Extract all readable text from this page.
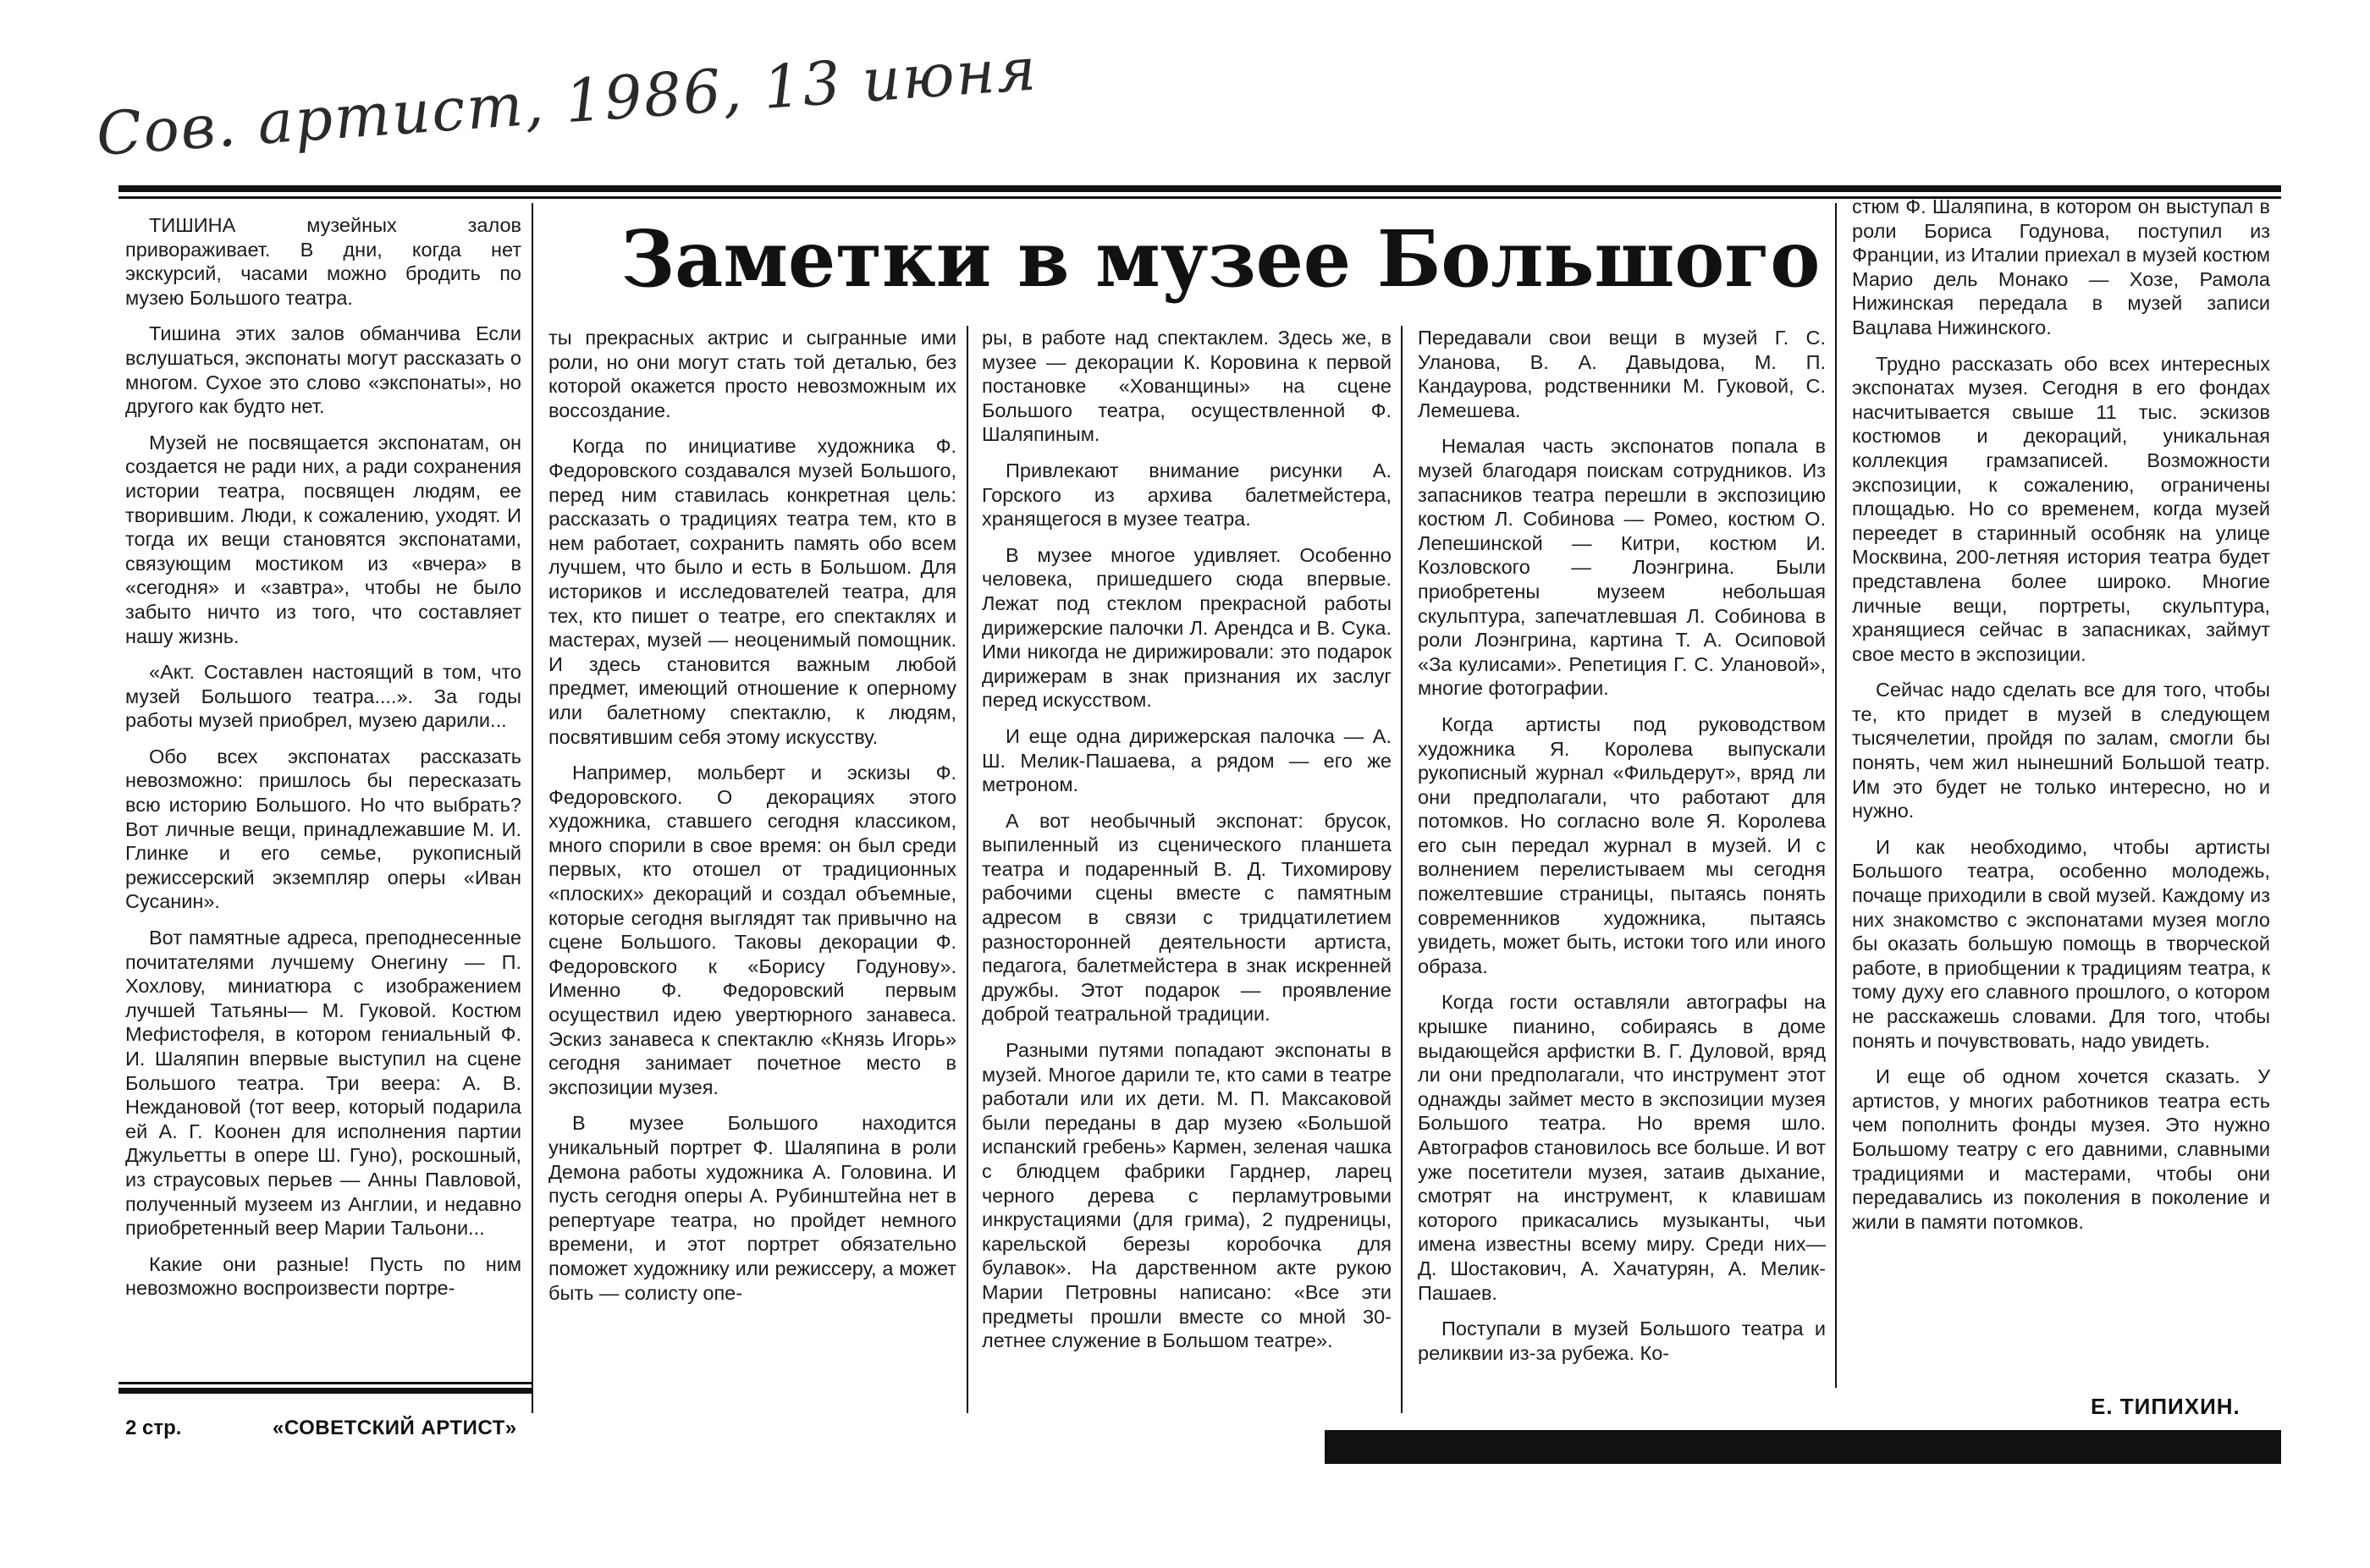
Сов. артист, 1986, 13 июня
Заметки в музее Большого

ТИШИНА музейных залов привораживает. В дни, когда нет экскурсий, часами можно бродить по музею Большого театра.

Тишина этих залов обманчива Если вслушаться, экспонаты могут рассказать о многом. Сухое это слово «экспонаты», но другого как будто нет.

Музей не посвящается экспонатам, он создается не ради них, а ради сохранения истории театра, посвящен людям, ее творившим. Люди, к сожалению, уходят. И тогда их вещи становятся экспонатами, связующим мостиком из «вчера» в «сегодня» и «завтра», чтобы не было забыто ничто из того, что составляет нашу жизнь.

«Акт. Составлен настоящий в том, что музей Большого театра....». За годы работы музей приобрел, музею дарили...

Обо всех экспонатах рассказать невозможно: пришлось бы пересказать всю историю Большого. Но что выбрать? Вот личные вещи, принадлежавшие М. И. Глинке и его семье, рукописный режиссерский экземпляр оперы «Иван Сусанин».

Вот памятные адреса, преподнесенные почитателями лучшему Онегину — П. Хохлову, миниатюра с изображением лучшей Татьяны— М. Гуковой. Костюм Мефистофеля, в котором гениальный Ф. И. Шаляпин впервые выступил на сцене Большого театра. Три веера: А. В. Неждановой (тот веер, который подарила ей А. Г. Коонен для исполнения партии Джульетты в опере Ш. Гуно), роскошный, из страусовых перьев — Анны Павловой, полученный музеем из Англии, и недавно приобретенный веер Марии Тальони...

Какие они разные! Пусть по ним невозможно воспроизвести портре-

ты прекрасных актрис и сыгранные ими роли, но они могут стать той деталью, без которой окажется просто невозможным их воссоздание.

Когда по инициативе художника Ф. Федоровского создавался музей Большого, перед ним ставилась конкретная цель: рассказать о традициях театра тем, кто в нем работает, сохранить память обо всем лучшем, что было и есть в Большом. Для историков и исследователей театра, для тех, кто пишет о театре, его спектаклях и мастерах, музей — неоценимый помощник. И здесь становится важным любой предмет, имеющий отношение к оперному или балетному спектаклю, к людям, посвятившим себя этому искусству.

Например, мольберт и эскизы Ф. Федоровского. О декорациях этого художника, ставшего сегодня классиком, много спорили в свое время: он был среди первых, кто отошел от традиционных «плоских» декораций и создал объемные, которые сегодня выглядят так привычно на сцене Большого. Таковы декорации Ф. Федоровского к «Борису Годунову». Именно Ф. Федоровский первым осуществил идею увертюрного занавеса. Эскиз занавеса к спектаклю «Князь Игорь» сегодня занимает почетное место в экспозиции музея.

В музее Большого находится уникальный портрет Ф. Шаляпина в роли Демона работы художника А. Головина. И пусть сегодня оперы А. Рубинштейна нет в репертуаре театра, но пройдет немного времени, и этот портрет обязательно поможет художнику или режиссеру, а может быть — солисту опе-

ры, в работе над спектаклем. Здесь же, в музее — декорации К. Коровина к первой постановке «Хованщины» на сцене Большого театра, осуществленной Ф. Шаляпиным.

Привлекают внимание рисунки А. Горского из архива балетмейстера, хранящегося в музее театра.

В музее многое удивляет. Особенно человека, пришедшего сюда впервые. Лежат под стеклом прекрасной работы дирижерские палочки Л. Арендса и В. Сука. Ими никогда не дирижировали: это подарок дирижерам в знак признания их заслуг перед искусством.

И еще одна дирижерская палочка — А. Ш. Мелик-Пашаева, а рядом — его же метроном.

А вот необычный экспонат: брусок, выпиленный из сценического планшета театра и подаренный В. Д. Тихомирову рабочими сцены вместе с памятным адресом в связи с тридцатилетием разносторонней деятельности артиста, педагога, балетмейстера в знак искренней дружбы. Этот подарок — проявление доброй театральной традиции.

Разными путями попадают экспонаты в музей. Многое дарили те, кто сами в театре работали или их дети. М. П. Максаковой были переданы в дар музею «Большой испанский гребень» Кармен, зеленая чашка с блюдцем фабрики Гарднер, ларец черного дерева с перламутровыми инкрустациями (для грима), 2 пудреницы, карельской березы коробочка для булавок». На дарственном акте рукою Марии Петровны написано: «Все эти предметы прошли вместе со мной 30-летнее служение в Большом театре».

Передавали свои вещи в музей Г. С. Уланова, В. А. Давыдова, М. П. Кандаурова, родственники М. Гуковой, С. Лемешева.

Немалая часть экспонатов попала в музей благодаря поискам сотрудников. Из запасников театра перешли в экспозицию костюм Л. Собинова — Ромео, костюм О. Лепешинской — Китри, костюм И. Козловского — Лоэнгрина. Были приобретены музеем небольшая скульптура, запечатлевшая Л. Собинова в роли Лоэнгрина, картина Т. А. Осиповой «За кулисами». Репетиция Г. С. Улановой», многие фотографии.

Когда артисты под руководством художника Я. Королева выпускали рукописный журнал «Фильдерут», вряд ли они предполагали, что работают для потомков. Но согласно воле Я. Королева его сын передал журнал в музей. И с волнением перелистываем мы сегодня пожелтевшие страницы, пытаясь понять современников художника, пытаясь увидеть, может быть, истоки того или иного образа.

Когда гости оставляли автографы на крышке пианино, собираясь в доме выдающейся арфистки В. Г. Дуловой, вряд ли они предполагали, что инструмент этот однажды займет место в экспозиции музея Большого театра. Но время шло. Автографов становилось все больше. И вот уже посетители музея, затаив дыхание, смотрят на инструмент, к клавишам которого прикасались музыканты, чьи имена известны всему миру. Среди них— Д. Шостакович, А. Хачатурян, А. Мелик-Пашаев.

Поступали в музей Большого театра и реликвии из-за рубежа. Ко-

стюм Ф. Шаляпина, в котором он выступал в роли Бориса Годунова, поступил из Франции, из Италии приехал в музей костюм Марио дель Монако — Хозе, Рамола Нижинская передала в музей записи Вацлава Нижинского.

Трудно рассказать обо всех интересных экспонатах музея. Сегодня в его фондах насчитывается свыше 11 тыс. эскизов костюмов и декораций, уникальная коллекция грамзаписей. Возможности экспозиции, к сожалению, ограничены площадью. Но со временем, когда музей переедет в старинный особняк на улице Москвина, 200-летняя история театра будет представлена более широко. Многие личные вещи, портреты, скульптура, хранящиеся сейчас в запасниках, займут свое место в экспозиции.

Сейчас надо сделать все для того, чтобы те, кто придет в музей в следующем тысячелетии, пройдя по залам, смогли бы понять, чем жил нынешний Большой театр. Им это будет не только интересно, но и нужно.

И как необходимо, чтобы артисты Большого театра, особенно молодежь, почаще приходили в свой музей. Каждому из них знакомство с экспонатами музея могло бы оказать большую помощь в творческой работе, в приобщении к традициям театра, к тому духу его славного прошлого, о котором не расскажешь словами. Для того, чтобы понять и почувствовать, надо увидеть.

И еще об одном хочется сказать. У артистов, у многих работников театра есть чем пополнить фонды музея. Это нужно Большому театру с его давними, славными традициями и мастерами, чтобы они передавались из поколения в поколение и жили в памяти потомков.

2 стр.	«СОВЕТСКИЙ АРТИСТ»
Е. ТИПИХИН.
